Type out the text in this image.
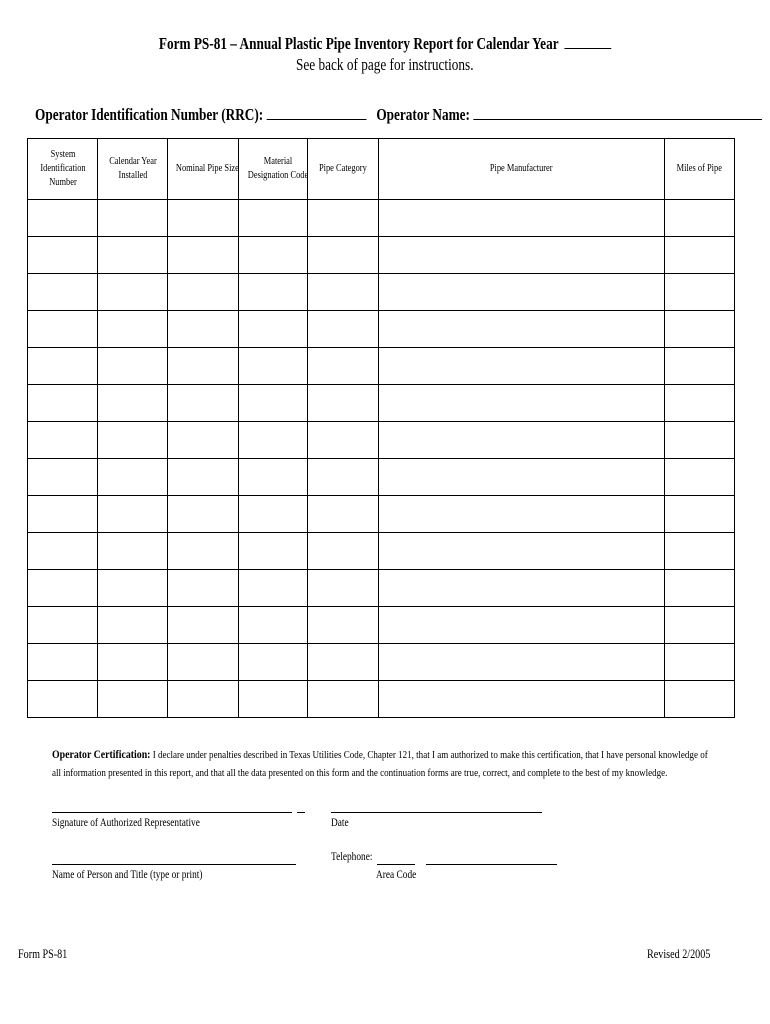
Form PS-81 – Annual Plastic Pipe Inventory Report for Calendar Year
See back of page for instructions.
Operator Identification Number (RRC):	Operator Name:
System Identification Number	Calendar Year Installed	Nominal Pipe Size	Material Designation Code	Pipe Category	Pipe Manufacturer	Miles of Pipe

Operator Certification: I declare under penalties described in Texas Utilities Code, Chapter 121, that I am authorized to make this certification, that I have personal knowledge of all information presented in this report, and that all the data presented on this form and the continuation forms are true, correct, and complete to the best of my knowledge.
Signature of Authorized Representative	Date
Name of Person and Title (type or print)
Telephone:
Area Code
Form PS-81	Revised 2/2005
